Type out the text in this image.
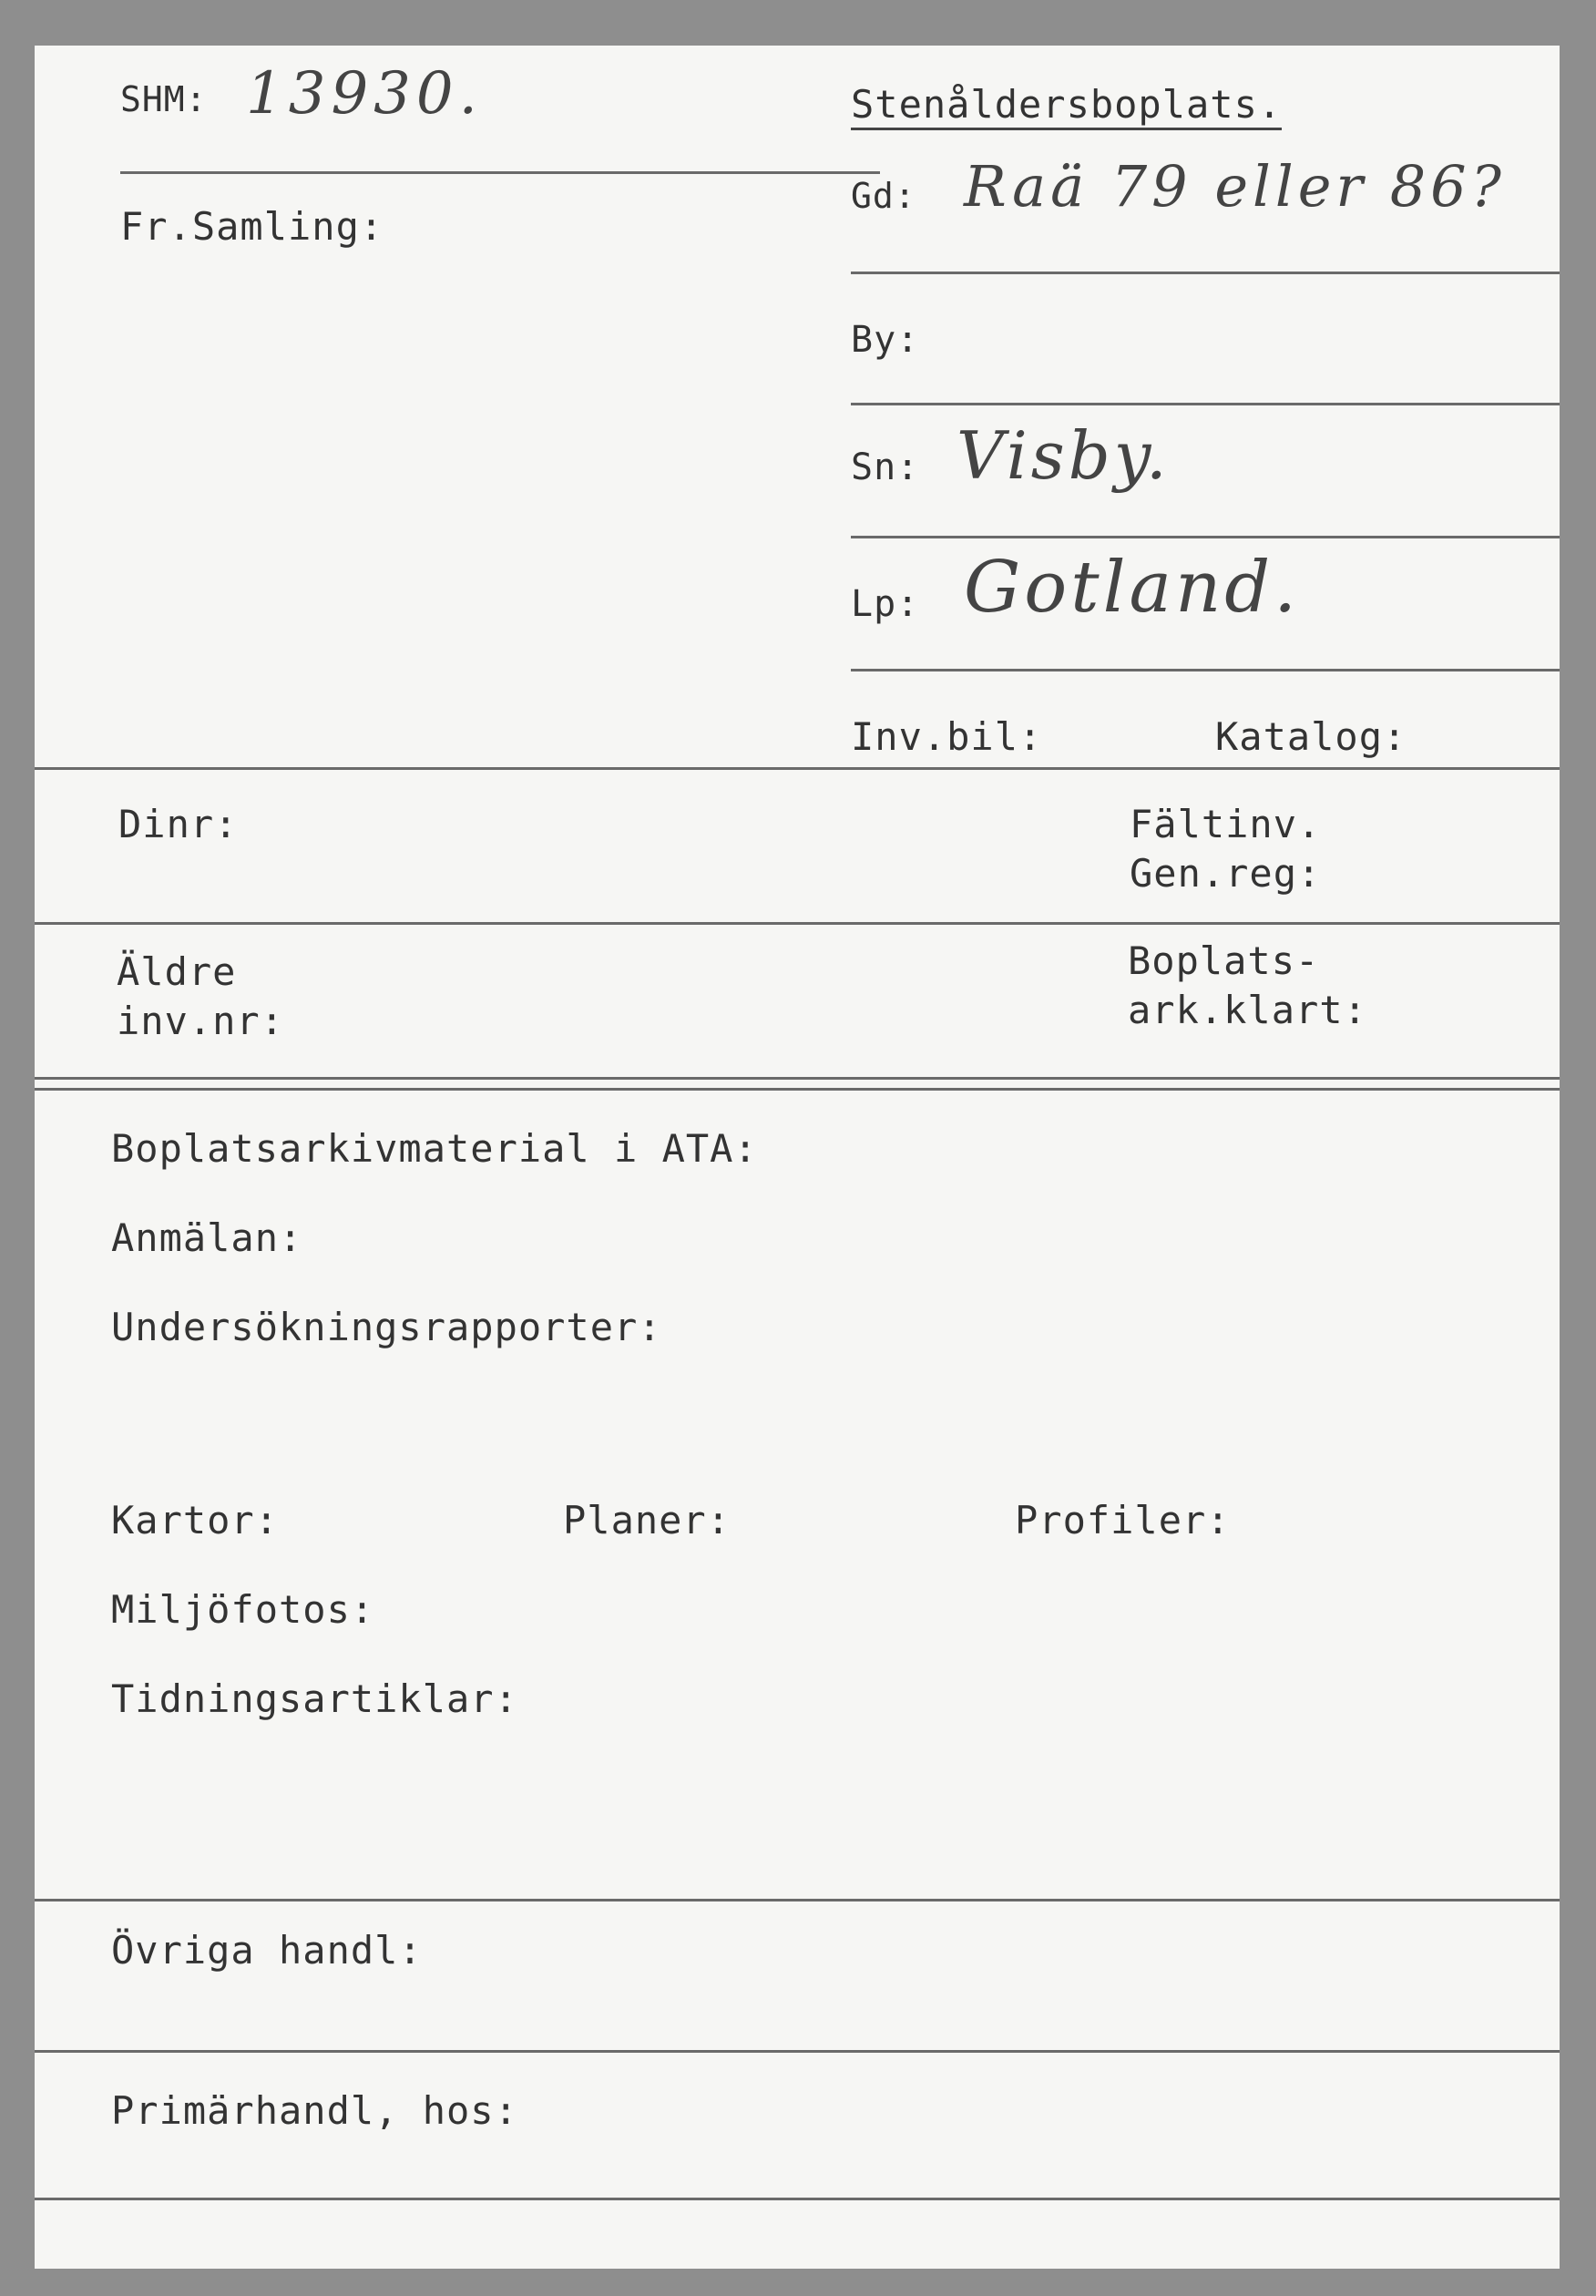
SHM: 13930.	Stenåldersboplats.
Fr.Samling:
Gd: Raä 79 eller 86?
By:
Sn: Visby.
Lp: Gotland.
Inv.bil:	Katalog:
Dinr:	Fältinv.
Gen.reg:
Äldre
inv.nr:
Boplats-
ark.klart:
Boplatsarkivmaterial i ATA:
Anmälan:
Undersökningsrapporter:
Kartor:	Planer:	Profiler:
Miljöfotos:
Tidningsartiklar:
Övriga handl:
Primärhandl, hos:
